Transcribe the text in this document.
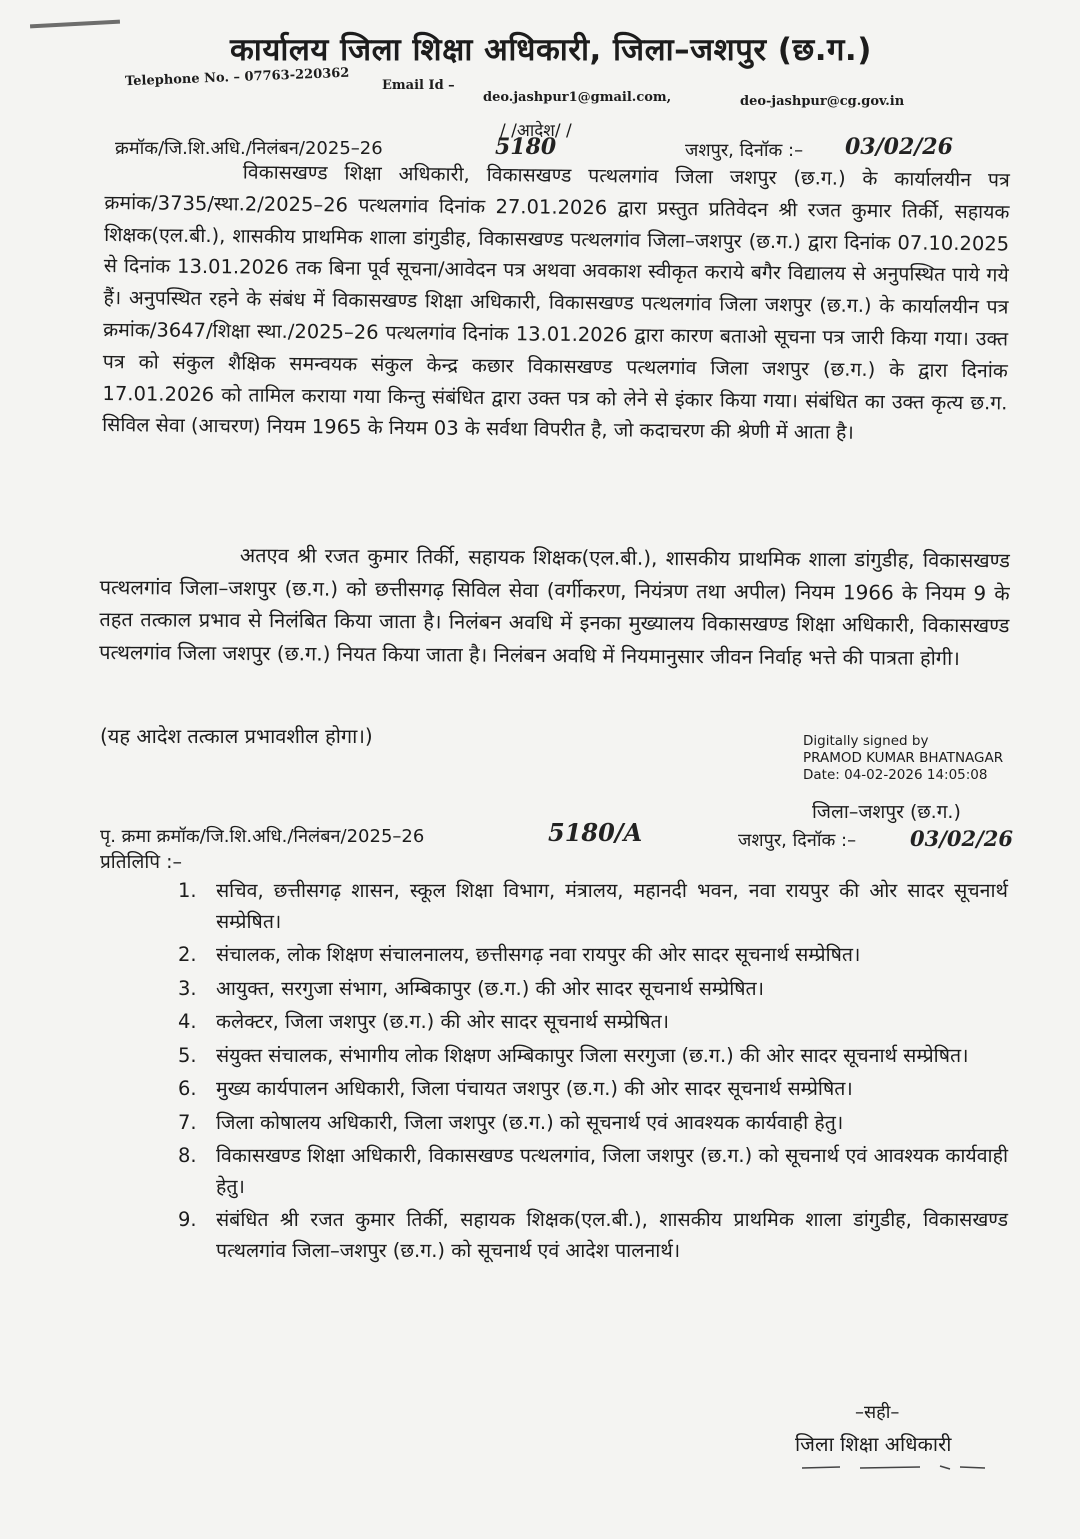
कार्यालय जिला शिक्षा अधिकारी, जिला–जशपुर (छ.ग.)
Telephone No. – 07763-220362 Email Id –
deo.jashpur1@gmail.com,	deo-jashpur@cg.gov.in
/ /आदेश/ /
क्रमॉक/जि.शि.अधि./निलंबन/2025–26	5180	जशपुर, दिनॉक :– 03/02/26
विकासखण्ड शिक्षा अधिकारी, विकासखण्ड पत्थलगांव जिला जशपुर (छ.ग.) के कार्यालयीन पत्र क्रमांक/3735/स्था.2/2025–26 पत्थलगांव दिनांक 27.01.2026 द्वारा प्रस्तुत प्रतिवेदन श्री रजत कुमार तिर्की, सहायक शिक्षक(एल.बी.), शासकीय प्राथमिक शाला डांगुडीह, विकासखण्ड पत्थलगांव जिला–जशपुर (छ.ग.) द्वारा दिनांक 07.10.2025 से दिनांक 13.01.2026 तक बिना पूर्व सूचना/आवेदन पत्र अथवा अवकाश स्वीकृत कराये बगैर विद्यालय से अनुपस्थित पाये गये हैं। अनुपस्थित रहने के संबंध में विकासखण्ड शिक्षा अधिकारी, विकासखण्ड पत्थलगांव जिला जशपुर (छ.ग.) के कार्यालयीन पत्र क्रमांक/3647/शिक्षा स्था./2025–26 पत्थलगांव दिनांक 13.01.2026 द्वारा कारण बताओ सूचना पत्र जारी किया गया। उक्त पत्र को संकुल शैक्षिक समन्वयक संकुल केन्द्र कछार विकासखण्ड पत्थलगांव जिला जशपुर (छ.ग.) के द्वारा दिनांक 17.01.2026 को तामिल कराया गया किन्तु संबंधित द्वारा उक्त पत्र को लेने से इंकार किया गया। संबंधित का उक्त कृत्य छ.ग. सिविल सेवा (आचरण) नियम 1965 के नियम 03 के सर्वथा विपरीत है, जो कदाचरण की श्रेणी में आता है।
अतएव श्री रजत कुमार तिर्की, सहायक शिक्षक(एल.बी.), शासकीय प्राथमिक शाला डांगुडीह, विकासखण्ड पत्थलगांव जिला–जशपुर (छ.ग.) को छत्तीसगढ़ सिविल सेवा (वर्गीकरण, नियंत्रण तथा अपील) नियम 1966 के नियम 9 के तहत तत्काल प्रभाव से निलंबित किया जाता है। निलंबन अवधि में इनका मुख्यालय विकासखण्ड शिक्षा अधिकारी, विकासखण्ड पत्थलगांव जिला जशपुर (छ.ग.) नियत किया जाता है। निलंबन अवधि में नियमानुसार जीवन निर्वाह भत्ते की पात्रता होगी।
(यह आदेश तत्काल प्रभावशील होगा।)	Digitally signed by
PRAMOD KUMAR BHATNAGAR
Date: 04-02-2026 14:05:08
जिला–जशपुर (छ.ग.)
पृ. क्रमा क्रमॉक/जि.शि.अधि./निलंबन/2025–26	5180/A	जशपुर, दिनॉक :–	03/02/26
प्रतिलिपि :–
1. सचिव, छत्तीसगढ़ शासन, स्कूल शिक्षा विभाग, मंत्रालय, महानदी भवन, नवा रायपुर की ओर सादर सूचनार्थ सम्प्रेषित।
2. संचालक, लोक शिक्षण संचालनालय, छत्तीसगढ़ नवा रायपुर की ओर सादर सूचनार्थ सम्प्रेषित।
3. आयुक्त, सरगुजा संभाग, अम्बिकापुर (छ.ग.) की ओर सादर सूचनार्थ सम्प्रेषित।
4. कलेक्टर, जिला जशपुर (छ.ग.) की ओर सादर सूचनार्थ सम्प्रेषित।
5. संयुक्त संचालक, संभागीय लोक शिक्षण अम्बिकापुर जिला सरगुजा (छ.ग.) की ओर सादर सूचनार्थ सम्प्रेषित।
6. मुख्य कार्यपालन अधिकारी, जिला पंचायत जशपुर (छ.ग.) की ओर सादर सूचनार्थ सम्प्रेषित।
7. जिला कोषालय अधिकारी, जिला जशपुर (छ.ग.) को सूचनार्थ एवं आवश्यक कार्यवाही हेतु।
8. विकासखण्ड शिक्षा अधिकारी, विकासखण्ड पत्थलगांव, जिला जशपुर (छ.ग.) को सूचनार्थ एवं आवश्यक कार्यवाही हेतु।
9. संबंधित श्री रजत कुमार तिर्की, सहायक शिक्षक(एल.बी.), शासकीय प्राथमिक शाला डांगुडीह, विकासखण्ड पत्थलगांव जिला–जशपुर (छ.ग.) को सूचनार्थ एवं आदेश पालनार्थ।
–सही–
जिला शिक्षा अधिकारी
